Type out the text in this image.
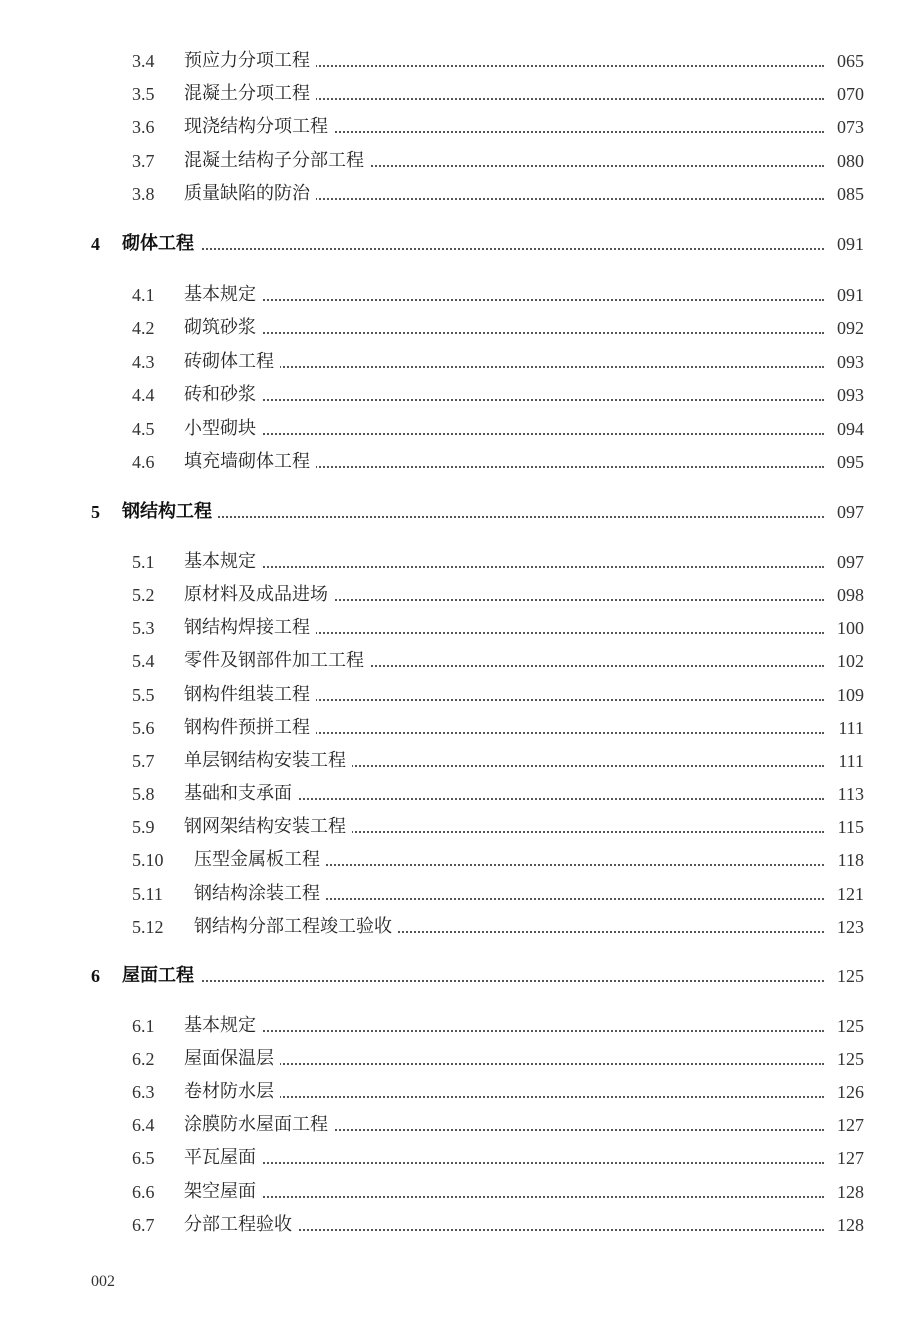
3.4 预应力分项工程	065
3.5 混凝土分项工程	070
3.6 现浇结构分项工程	073
3.7 混凝土结构子分部工程	080
3.8 质量缺陷的防治	085
4 砌体工程	091
4.1 基本规定	091
4.2 砌筑砂浆	092
4.3 砖砌体工程	093
4.4 砖和砂浆	093
4.5 小型砌块	094
4.6 填充墙砌体工程	095
5 钢结构工程	097
5.1 基本规定	097
5.2 原材料及成品进场	098
5.3 钢结构焊接工程	100
5.4 零件及钢部件加工工程	102
5.5 钢构件组装工程	109
5.6 钢构件预拼工程	111
5.7 单层钢结构安装工程	111
5.8 基础和支承面	113
5.9 钢网架结构安装工程	115
5.10 压型金属板工程	118
5.11 钢结构涂装工程	121
5.12 钢结构分部工程竣工验收	123
6 屋面工程	125
6.1 基本规定	125
6.2 屋面保温层	125
6.3 卷材防水层	126
6.4 涂膜防水屋面工程	127
6.5 平瓦屋面	127
6.6 架空屋面	128
6.7 分部工程验收	128
002
